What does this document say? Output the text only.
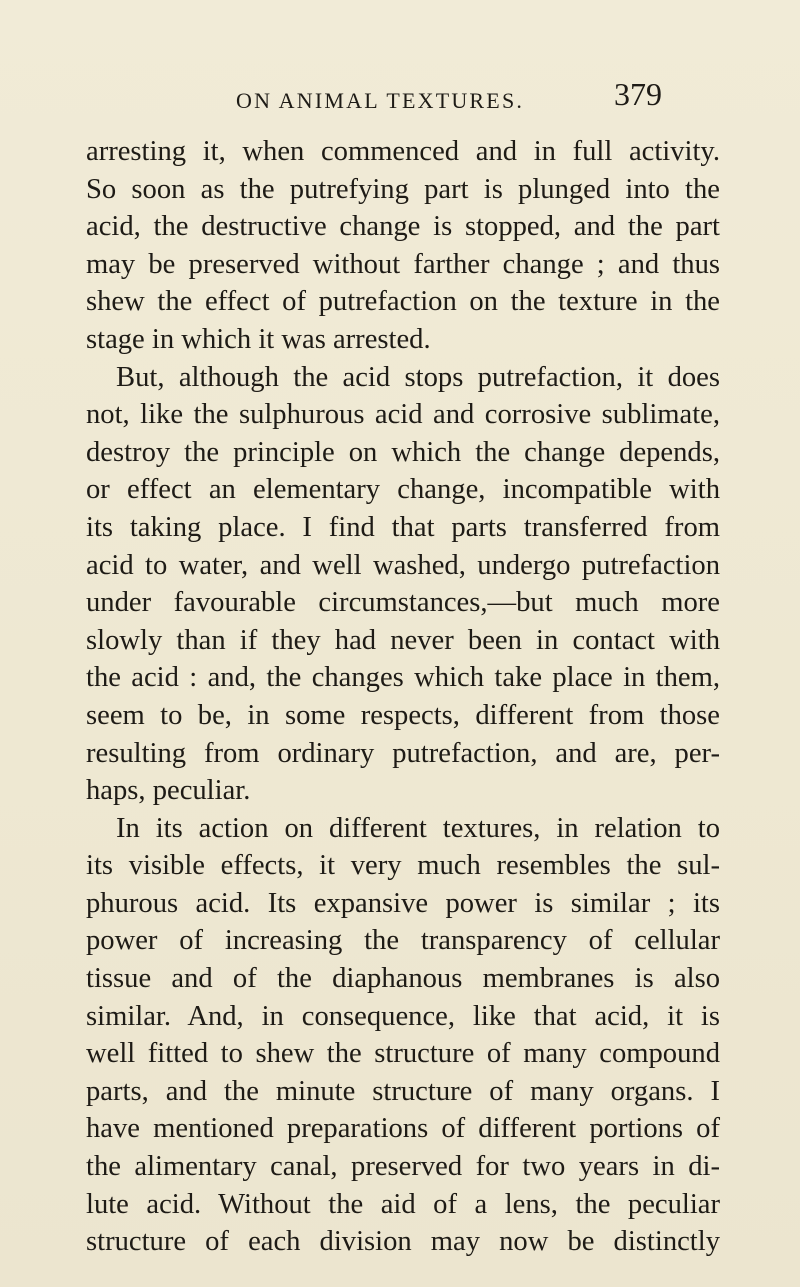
ON ANIMAL TEXTURES.	379
arresting it, when commenced and in full activity.
So soon as the putrefying part is plunged into the
acid, the destructive change is stopped, and the part
may be preserved without farther change ; and thus
shew the effect of putrefaction on the texture in the
stage in which it was arrested.
But, although the acid stops putrefaction, it does
not, like the sulphurous acid and corrosive sublimate,
destroy the principle on which the change depends,
or effect an elementary change, incompatible with
its taking place. I find that parts transferred from
acid to water, and well washed, undergo putrefaction
under favourable circumstances,—but much more
slowly than if they had never been in contact with
the acid : and, the changes which take place in them,
seem to be, in some respects, different from those
resulting from ordinary putrefaction, and are, per-
haps, peculiar.
In its action on different textures, in relation to
its visible effects, it very much resembles the sul-
phurous acid. Its expansive power is similar ; its
power of increasing the transparency of cellular
tissue and of the diaphanous membranes is also
similar. And, in consequence, like that acid, it is
well fitted to shew the structure of many compound
parts, and the minute structure of many organs. I
have mentioned preparations of different portions of
the alimentary canal, preserved for two years in di-
lute acid. Without the aid of a lens, the peculiar
structure of each division may now be distinctly
